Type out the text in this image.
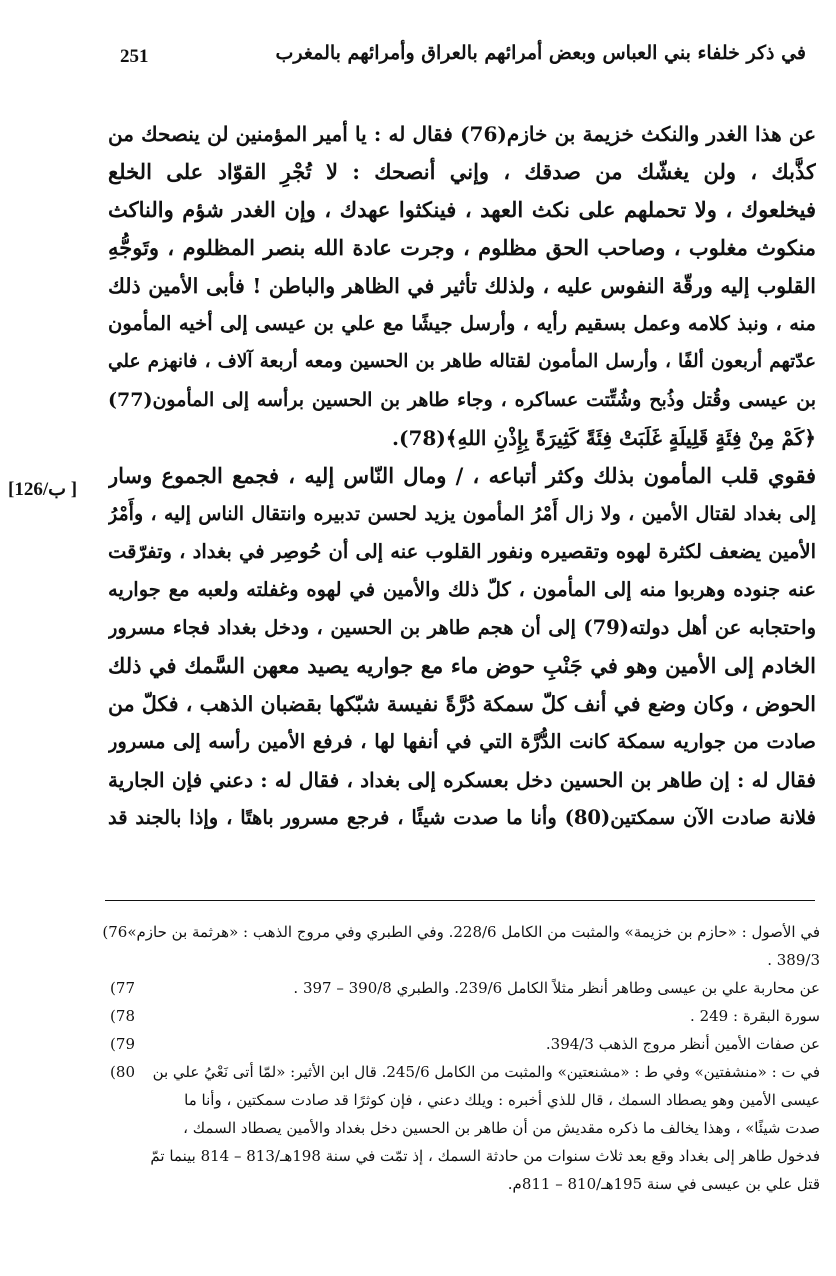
251	في ذكر خلفاء بني العباس وبعض أمرائهم بالعراق وأمرائهم بالمغرب
عن هذا الغدر والنكث خزيمة بن خازم(76) فقال له : يا أمير المؤمنين لن ينصحك من
كذَّبك ، ولن يغشّك من صدقك ، وإني أنصحك : لا تُجْرِ القوّاد على الخلع
فيخلعوك ، ولا تحملهم على نكث العهد ، فينكثوا عهدك ، وإن الغدر شؤم والناكث
منكوث مغلوب ، وصاحب الحق مظلوم ، وجرت عادة الله بنصر المظلوم ، وتَوجُّهِ
القلوب إليه ورقّة النفوس عليه ، ولذلك تأثير في الظاهر والباطن ! فأبى الأمين ذلك
منه ، ونبذ كلامه وعمل بسقيم رأيه ، وأرسل جيشًا مع علي بن عيسى إلى أخيه المأمون
عدّتهم أربعون ألفًا ، وأرسل المأمون لقتاله طاهر بن الحسين ومعه أربعة آلاف ، فانهزم علي
بن عيسى وقُتل وذُبح وشُتِّتت عساكره ، وجاء طاهر بن الحسين برأسه إلى المأمون(77)
﴿كَمْ مِنْ فِئَةٍ قَلِيلَةٍ غَلَبَتْ فِئَةً كَثِيرَةً بِإِذْنِ اللهِ﴾(78).
فقوي قلب المأمون بذلك وكثر أتباعه ، / ومال النّاس إليه ، فجمع الجموع وسار
إلى بغداد لقتال الأمين ، ولا زال أَمْرُ المأمون يزيد لحسن تدبيره وانتقال الناس إليه ، وأَمْرُ
الأمين يضعف لكثرة لهوه وتقصيره ونفور القلوب عنه إلى أن حُوصِر في بغداد ، وتفرّقت
عنه جنوده وهربوا منه إلى المأمون ، كلّ ذلك والأمين في لهوه وغفلته ولعبه مع جواريه
واحتجابه عن أهل دولته(79) إلى أن هجم طاهر بن الحسين ، ودخل بغداد فجاء مسرور
الخادم إلى الأمين وهو في جَنْبِ حوض ماء مع جواريه يصيد معهن السَّمك في ذلك
الحوض ، وكان وضع في أنف كلّ سمكة دُرَّةً نفيسة شبّكها بقضبان الذهب ، فكلّ من
صادت من جواريه سمكة كانت الدُّرَّة التي في أنفها لها ، فرفع الأمين رأسه إلى مسرور
فقال له : إن طاهر بن الحسين دخل بعسكره إلى بغداد ، فقال له : دعني فإن الجارية
فلانة صادت الآن سمكتين(80) وأنا ما صدت شيئًا ، فرجع مسرور باهتًا ، وإذا بالجند قد
[126/ب ]
في الأصول : «حازم بن خزيمة» والمثبت من الكامل 228/6. وفي الطبري وفي مروج الذهب : «هرثمة بن حازم»
389/3 .
76)
عن محاربة علي بن عيسى وطاهر أنظر مثلاً الكامل 239/6. والطبري 390/8 – 397 .
77)
سورة البقرة : 249 .
78)
عن صفات الأمين أنظر مروج الذهب 394/3.
79)
في ت : «منشفتين» وفي ط : «مشنعتين» والمثبت من الكامل 245/6. قال ابن الأثير: «لمّا أتى نَعْيُ علي بن
عيسى الأمين وهو يصطاد السمك ، قال للذي أخبره : ويلك دعني ، فإن كوثرًا قد صادت سمكتين ، وأنا ما
صدت شيئًا» ، وهذا يخالف ما ذكره مقديش من أن طاهر بن الحسين دخل بغداد والأمين يصطاد السمك ،
فدخول طاهر إلى بغداد وقع بعد ثلاث سنوات من حادثة السمك ، إذ تمّت في سنة 198هـ/813 – 814 بينما تمّ
قتل علي بن عيسى في سنة 195هـ/810 – 811م.
80)
